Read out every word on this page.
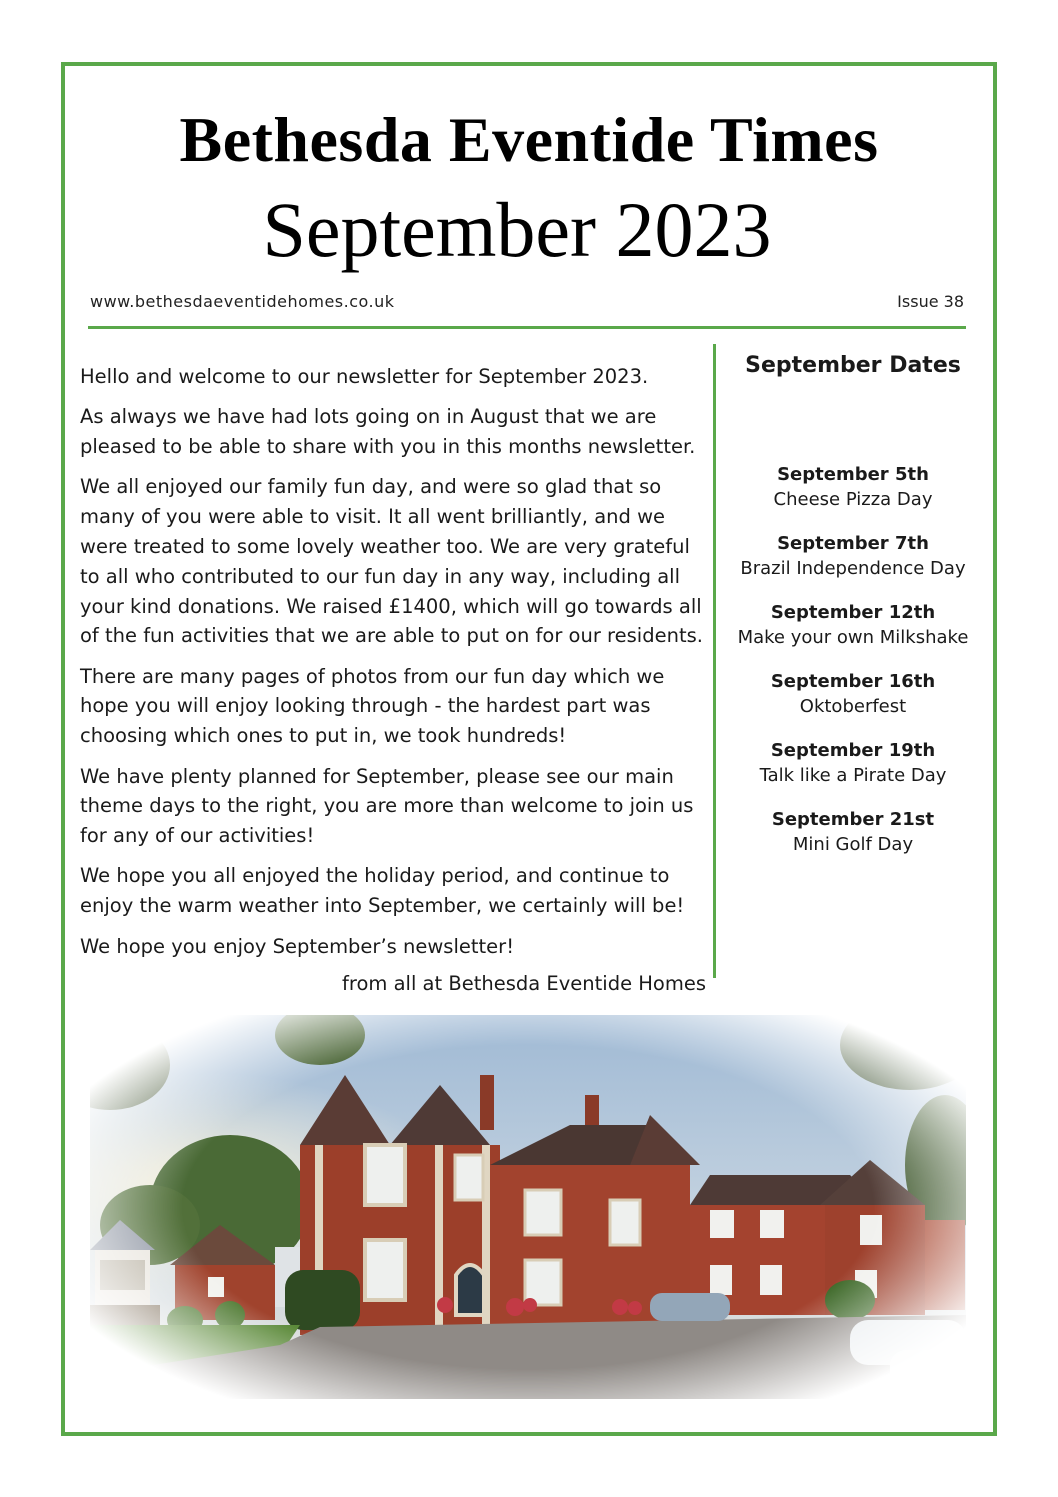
Bethesda Eventide Times
September 2023
www.bethesdaeventidehomes.co.uk	Issue 38

Hello and welcome to our newsletter for September 2023.

As always we have had lots going on in August that we are pleased to be able to share with you in this months newsletter.

We all enjoyed our family fun day, and were so glad that so many of you were able to visit. It all went brilliantly, and we were treated to some lovely weather too. We are very grateful to all who contributed to our fun day in any way, including all your kind donations. We raised £1400, which will go towards all of the fun activities that we are able to put on for our residents.

There are many pages of photos from our fun day which we hope you will enjoy looking through - the hardest part was choosing which ones to put in, we took hundreds!

We have plenty planned for September, please see our main theme days to the right, you are more than welcome to join us for any of our activities!

We hope you all enjoyed the holiday period, and continue to enjoy the warm weather into September, we certainly will be!

We hope you enjoy September’s newsletter!

from all at Bethesda Eventide Homes
September Dates
September 5th
Cheese Pizza Day
September 7th
Brazil Independence Day
September 12th
Make your own Milkshake
September 16th
Oktoberfest
September 19th
Talk like a Pirate Day
September 21st
Mini Golf Day
